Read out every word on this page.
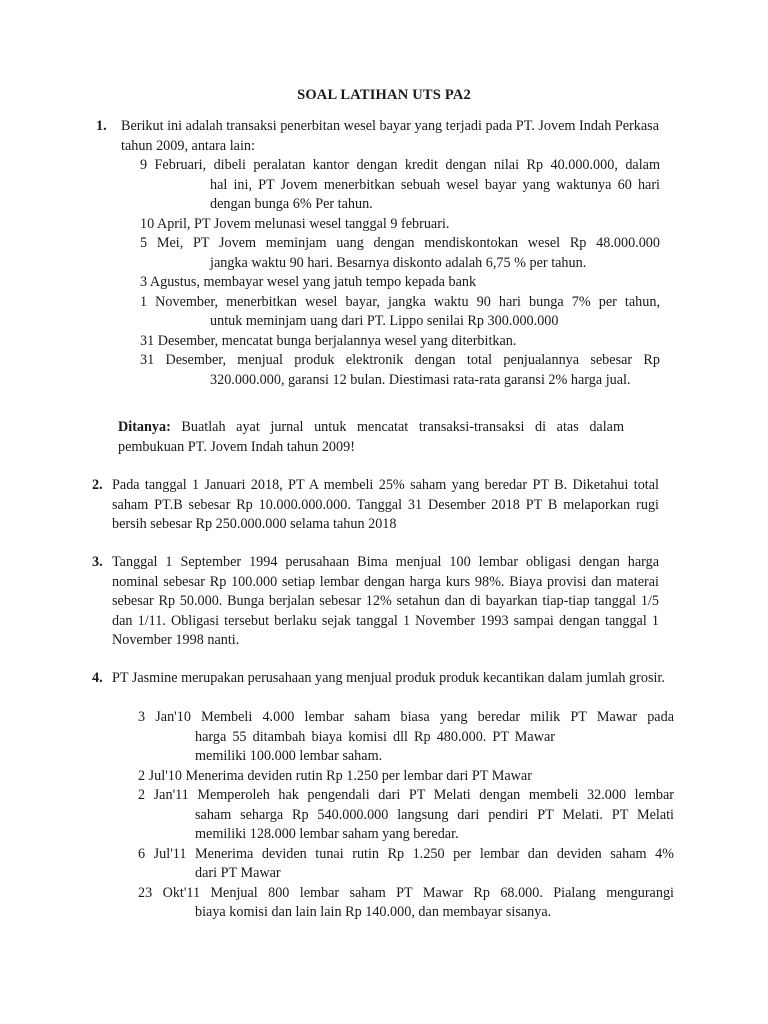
SOAL LATIHAN UTS PA2
1. Berikut ini adalah transaksi penerbitan wesel bayar yang terjadi pada PT. Jovem Indah Perkasa tahun 2009, antara lain:
9 Februari, dibeli peralatan kantor dengan kredit dengan nilai Rp 40.000.000, dalam
hal ini, PT Jovem menerbitkan sebuah wesel bayar yang waktunya 60 hari dengan bunga 6% Per tahun.
10 April, PT Jovem melunasi wesel tanggal 9 februari.
5 Mei, PT Jovem meminjam uang dengan mendiskontokan wesel Rp 48.000.000
jangka waktu 90 hari. Besarnya diskonto adalah 6,75 % per tahun.
3 Agustus, membayar wesel yang jatuh tempo kepada bank
1 November, menerbitkan wesel bayar, jangka waktu 90 hari bunga 7% per tahun,
untuk meminjam uang dari PT. Lippo senilai Rp 300.000.000
31 Desember, mencatat bunga berjalannya wesel yang diterbitkan.
31 Desember, menjual produk elektronik dengan total penjualannya sebesar Rp
320.000.000, garansi 12 bulan. Diestimasi rata-rata garansi 2% harga jual.
Ditanya: Buatlah ayat jurnal untuk mencatat transaksi-transaksi di atas dalam pembukuan PT. Jovem Indah tahun 2009!
2. Pada tanggal 1 Januari 2018, PT A membeli 25% saham yang beredar PT B. Diketahui total saham PT.B sebesar Rp 10.000.000.000. Tanggal 31 Desember 2018 PT B melaporkan rugi bersih sebesar Rp 250.000.000 selama tahun 2018
3. Tanggal 1 September 1994 perusahaan Bima menjual 100 lembar obligasi dengan harga nominal sebesar Rp 100.000 setiap lembar dengan harga kurs 98%. Biaya provisi dan materai sebesar Rp 50.000. Bunga berjalan sebesar 12% setahun dan di bayarkan tiap-tiap tanggal 1/5 dan 1/11. Obligasi tersebut berlaku sejak tanggal 1 November 1993 sampai dengan tanggal 1 November 1998 nanti.
4. PT Jasmine merupakan perusahaan yang menjual produk produk kecantikan dalam jumlah grosir.
3 Jan'10 Membeli 4.000 lembar saham biasa yang beredar milik PT Mawar pada
harga 55 ditambah biaya komisi dll Rp 480.000. PT Mawar memiliki 100.000 lembar saham.
2 Jul'10 Menerima deviden rutin Rp 1.250 per lembar dari PT Mawar
2 Jan'11 Memperoleh hak pengendali dari PT Melati dengan membeli 32.000 lembar
saham seharga Rp 540.000.000 langsung dari pendiri PT Melati. PT Melati memiliki 128.000 lembar saham yang beredar.
6 Jul'11 Menerima deviden tunai rutin Rp 1.250 per lembar dan deviden saham 4%
dari PT Mawar
23 Okt'11 Menjual 800 lembar saham PT Mawar Rp 68.000. Pialang mengurangi
biaya komisi dan lain lain Rp 140.000, dan membayar sisanya.
